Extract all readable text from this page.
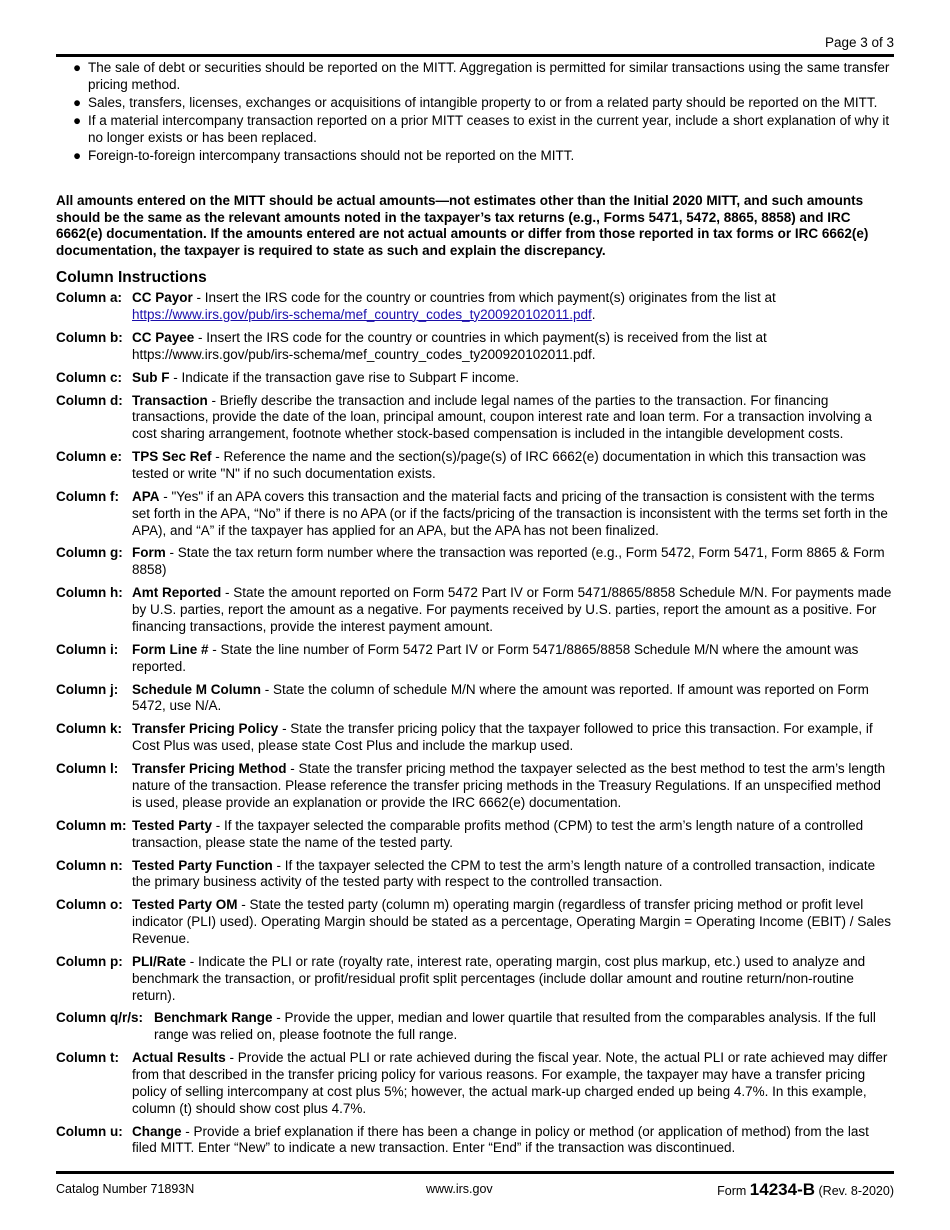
Page 3 of 3
● The sale of debt or securities should be reported on the MITT. Aggregation is permitted for similar transactions using the same transfer pricing method.
● Sales, transfers, licenses, exchanges or acquisitions of intangible property to or from a related party should be reported on the MITT.
● If a material intercompany transaction reported on a prior MITT ceases to exist in the current year, include a short explanation of why it no longer exists or has been replaced.
● Foreign-to-foreign intercompany transactions should not be reported on the MITT.
All amounts entered on the MITT should be actual amounts—not estimates other than the Initial 2020 MITT, and such amounts should be the same as the relevant amounts noted in the taxpayer’s tax returns (e.g., Forms 5471, 5472, 8865, 8858) and IRC 6662(e) documentation. If the amounts entered are not actual amounts or differ from those reported in tax forms or IRC 6662(e) documentation, the taxpayer is required to state as such and explain the discrepancy.
Column Instructions
Column a: CC Payor - Insert the IRS code for the country or countries from which payment(s) originates from the list at https://www.irs.gov/pub/irs-schema/mef_country_codes_ty200920102011.pdf.
Column b: CC Payee - Insert the IRS code for the country or countries in which payment(s) is received from the list at https://www.irs.gov/pub/irs-schema/mef_country_codes_ty200920102011.pdf.
Column c: Sub F - Indicate if the transaction gave rise to Subpart F income.
Column d: Transaction - Briefly describe the transaction and include legal names of the parties to the transaction. For financing transactions, provide the date of the loan, principal amount, coupon interest rate and loan term. For a transaction involving a cost sharing arrangement, footnote whether stock-based compensation is included in the intangible development costs.
Column e: TPS Sec Ref - Reference the name and the section(s)/page(s) of IRC 6662(e) documentation in which this transaction was tested or write "N" if no such documentation exists.
Column f: APA - "Yes" if an APA covers this transaction and the material facts and pricing of the transaction is consistent with the terms set forth in the APA, “No” if there is no APA (or if the facts/pricing of the transaction is inconsistent with the terms set forth in the APA), and “A” if the taxpayer has applied for an APA, but the APA has not been finalized.
Column g: Form - State the tax return form number where the transaction was reported (e.g., Form 5472, Form 5471, Form 8865 & Form 8858)
Column h: Amt Reported - State the amount reported on Form 5472 Part IV or Form 5471/8865/8858 Schedule M/N. For payments made by U.S. parties, report the amount as a negative. For payments received by U.S. parties, report the amount as a positive. For financing transactions, provide the interest payment amount.
Column i:	Form Line # - State the line number of Form 5472 Part IV or Form 5471/8865/8858 Schedule M/N where the amount was reported.
Column j:	Schedule M Column - State the column of schedule M/N where the amount was reported. If amount was reported on Form 5472, use N/A.
Column k: Transfer Pricing Policy - State the transfer pricing policy that the taxpayer followed to price this transaction. For example, if Cost Plus was used, please state Cost Plus and include the markup used.
Column l:	Transfer Pricing Method - State the transfer pricing method the taxpayer selected as the best method to test the arm’s length nature of the transaction. Please reference the transfer pricing methods in the Treasury Regulations. If an unspecified method is used, please provide an explanation or provide the IRC 6662(e) documentation.
Column m: Tested Party - If the taxpayer selected the comparable profits method (CPM) to test the arm’s length nature of a controlled transaction, please state the name of the tested party.
Column n: Tested Party Function - If the taxpayer selected the CPM to test the arm’s length nature of a controlled transaction, indicate the primary business activity of the tested party with respect to the controlled transaction.
Column o: Tested Party OM - State the tested party (column m) operating margin (regardless of transfer pricing method or profit level indicator (PLI) used). Operating Margin should be stated as a percentage, Operating Margin = Operating Income (EBIT) / Sales Revenue.
Column p: PLI/Rate - Indicate the PLI or rate (royalty rate, interest rate, operating margin, cost plus markup, etc.) used to analyze and benchmark the transaction, or profit/residual profit split percentages (include dollar amount and routine return/non-routine return).
Column q/r/s: Benchmark Range - Provide the upper, median and lower quartile that resulted from the comparables analysis. If the full range was relied on, please footnote the full range.
Column t: Actual Results - Provide the actual PLI or rate achieved during the fiscal year. Note, the actual PLI or rate achieved may differ from that described in the transfer pricing policy for various reasons. For example, the taxpayer may have a transfer pricing policy of selling intercompany at cost plus 5%; however, the actual mark-up charged ended up being 4.7%. In this example, column (t) should show cost plus 4.7%.
Column u: Change - Provide a brief explanation if there has been a change in policy or method (or application of method) from the last filed MITT. Enter “New” to indicate a new transaction. Enter “End” if the transaction was discontinued.
Catalog Number 71893N	www.irs.gov	Form 14234-B (Rev. 8-2020)
